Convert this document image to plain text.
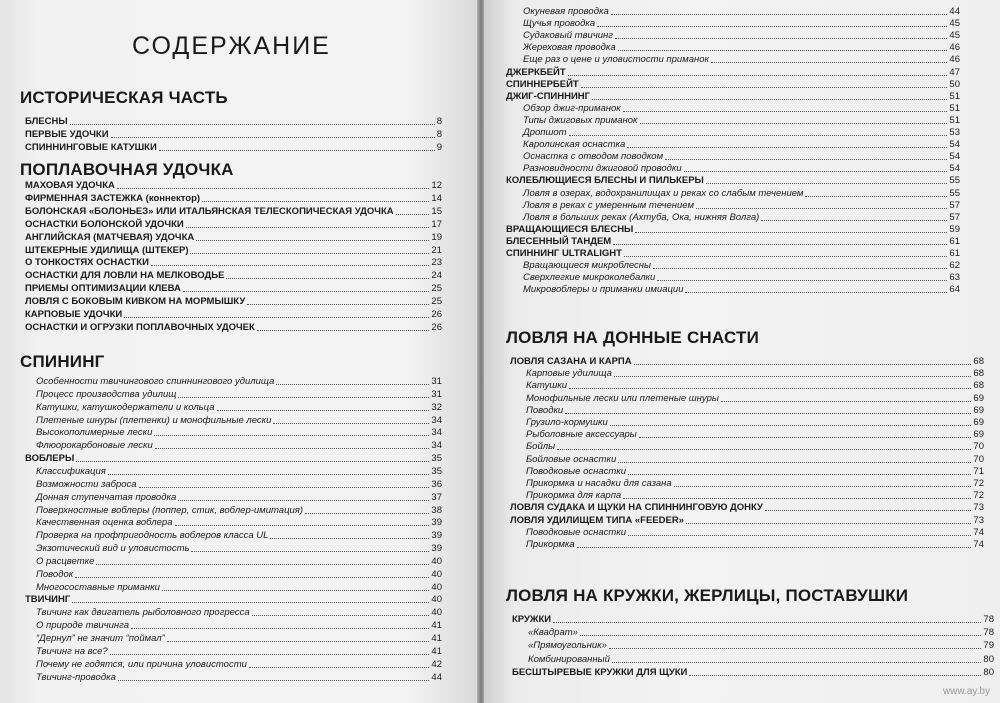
СОДЕРЖАНИЕ
ИСТОРИЧЕСКАЯ ЧАСТЬ
БЛЕСНЫ	8
ПЕРВЫЕ УДОЧКИ	8
СПИННИНГОВЫЕ КАТУШКИ	9
ПОПЛАВОЧНАЯ УДОЧКА
МАХОВАЯ УДОЧКА	12
ФИРМЕННАЯ ЗАСТЕЖКА (коннектор)	14
БОЛОНСКАЯ «БОЛОНЬЕЗ» ИЛИ ИТАЛЬЯНСКАЯ ТЕЛЕСКОПИЧЕСКАЯ УДОЧКА	15
ОСНАСТКИ БОЛОНСКОЙ УДОЧКИ	17
АНГЛИЙСКАЯ (МАТЧЕВАЯ) УДОЧКА	19
ШТЕКЕРНЫЕ УДИЛИЩА (ШТЕКЕР)	21
О ТОНКОСТЯХ ОСНАСТКИ	23
ОСНАСТКИ ДЛЯ ЛОВЛИ НА МЕЛКОВОДЬЕ	24
ПРИЕМЫ ОПТИМИЗАЦИИ КЛЕВА	25
ЛОВЛЯ С БОКОВЫМ КИВКОМ НА МОРМЫШКУ	25
КАРПОВЫЕ УДОЧКИ	26
ОСНАСТКИ И ОГРУЗКИ ПОПЛАВОЧНЫХ УДОЧЕК	26
СПИНИНГ
Особенности твичингового спиннингового удилища	31
Процесс производства удилищ	31
Катушки, катушкодержатели и кольца	32
Плетеные шнуры (плетенки) и монофильные лески	34
Высокополимерные лески	34
Флюорокарбоновые лески	34
ВОБЛЕРЫ	35
Классификация	35
Возможности заброса	36
Донная ступенчатая проводка	37
Поверхностные воблеры (поппер, стик, воблер-имитация)	38
Качественная оценка воблера	39
Проверка на профпригодность воблеров класса UL	39
Экзотический вид и уловистость	39
О расцветке	40
Поводок	40
Многосоставные приманки	40
ТВИЧИНГ	40
Твичинг как двигатель рыболовного прогресса	40
О природе твичинга	41
“Дернул” не значит “поймал”	41
Твичинг на все?	41
Почему не годятся, или причина уловистости	42
Твичинг-проводка	44
Окуневая проводка	44
Щучья проводка	45
Судаковый твичинг	45
Жереховая проводка	46
Еще раз о цене и уловистости приманок	46
ДЖЕРКБЕЙТ	47
СПИННЕРБЕЙТ	50
ДЖИГ-СПИННИНГ	51
Обзор джиг-приманок	51
Типы джиговых приманок	51
Дропшот	53
Каролинская оснастка	54
Оснастка с отводом поводком	54
Разновидности джиговой проводки	54
КОЛЕБЛЮЩИЕСЯ БЛЕСНЫ И ПИЛЬКЕРЫ	55
Ловля в озерах, водохранилищах и реках со слабым течением	55
Ловля в реках с умеренным течением	57
Ловля в больших реках (Ахтуба, Ока, нижняя Волга)	57
ВРАЩАЮЩИЕСЯ БЛЕСНЫ	59
БЛЕСЕННЫЙ ТАНДЕМ	61
СПИННИНГ ULTRALIGHT	61
Вращающиеся микроблесны	62
Сверхлегкие микроколебалки	63
Микровоблеры и приманки имиации	64
ЛОВЛЯ НА ДОННЫЕ СНАСТИ
ЛОВЛЯ САЗАНА И КАРПА	68
Карповые удилища	68
Катушки	68
Монофильные лески или плетеные шнуры	69
Поводки	69
Грузило-кормушки	69
Рыболовные аксессуары	69
Бойлы	70
Бойловые оснастки	70
Поводковые оснастки	71
Прикормка и насадки для сазана	72
Прикормка для карпа	72
ЛОВЛЯ СУДАКА И ЩУКИ НА СПИННИНГОВУЮ ДОНКУ	73
ЛОВЛЯ УДИЛИЩЕМ ТИПА «FEEDER»	73
Поводковые оснастки	74
Прикормка	74
ЛОВЛЯ НА КРУЖКИ, ЖЕРЛИЦЫ, ПОСТАВУШКИ
КРУЖКИ	78
«Квадрат»	78
«Прямоугольник»	79
Комбинированный	80
БЕСШТЫРЕВЫЕ КРУЖКИ ДЛЯ ЩУКИ	80
www.ay.by
